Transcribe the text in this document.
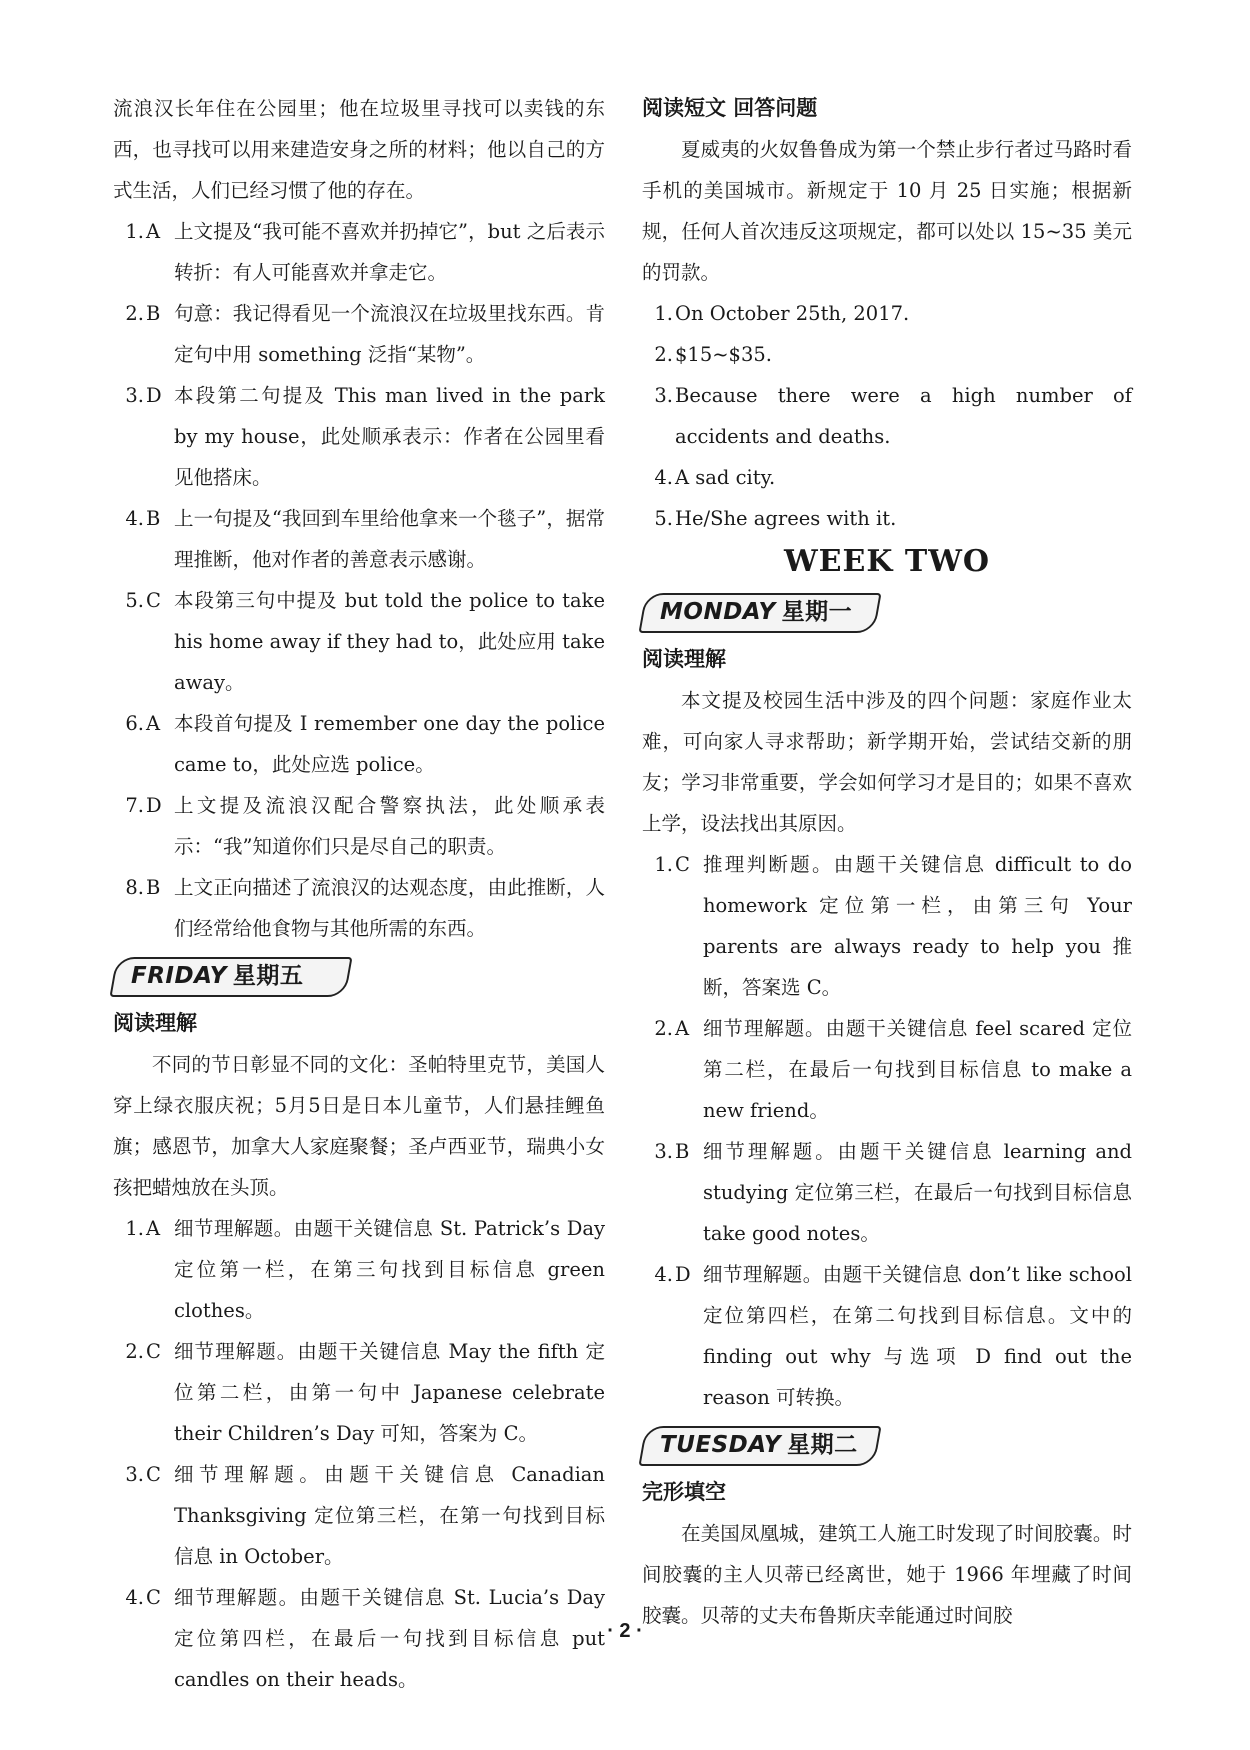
流浪汉长年住在公园里；他在垃圾里寻找可以卖钱的东西，也寻找可以用来建造安身之所的材料；他以自己的方式生活，人们已经习惯了他的存在。

1. A 上文提及“我可能不喜欢并扔掉它”，but 之后表示转折：有人可能喜欢并拿走它。
2. B 句意：我记得看见一个流浪汉在垃圾里找东西。肯定句中用 something 泛指“某物”。
3. D 本段第二句提及 This man lived in the park by my house，此处顺承表示：作者在公园里看见他搭床。
4. B 上一句提及“我回到车里给他拿来一个毯子”，据常理推断，他对作者的善意表示感谢。
5. C 本段第三句中提及 but told the police to take his home away if they had to，此处应用 take away。
6. A 本段首句提及 I remember one day the police came to，此处应选 police。
7. D 上文提及流浪汉配合警察执法，此处顺承表示：“我”知道你们只是尽自己的职责。
8. B 上文正向描述了流浪汉的达观态度，由此推断，人们经常给他食物与其他所需的东西。
FRIDAY 星期五

阅读理解

不同的节日彰显不同的文化：圣帕特里克节，美国人穿上绿衣服庆祝；5月5日是日本儿童节，人们悬挂鲤鱼旗；感恩节，加拿大人家庭聚餐；圣卢西亚节，瑞典小女孩把蜡烛放在头顶。

1. A 细节理解题。由题干关键信息 St. Patrick’s Day 定位第一栏，在第三句找到目标信息 green clothes。
2. C 细节理解题。由题干关键信息 May the fifth 定位第二栏，由第一句中 Japanese celebrate their Children’s Day 可知，答案为 C。
3. C 细节理解题。由题干关键信息 Canadian Thanksgiving 定位第三栏，在第一句找到目标信息 in October。
4. C 细节理解题。由题干关键信息 St. Lucia’s Day 定位第四栏，在最后一句找到目标信息 put candles on their heads。

阅读短文 回答问题

夏威夷的火奴鲁鲁成为第一个禁止步行者过马路时看手机的美国城市。新规定于 10 月 25 日实施；根据新规，任何人首次违反这项规定，都可以处以 15~35 美元的罚款。

1. On October 25th, 2017.
2. $15~$35.
3. Because there were a high number of accidents and deaths.
4. A sad city.
5. He/She agrees with it.

WEEK TWO

MONDAY 星期一

阅读理解

本文提及校园生活中涉及的四个问题：家庭作业太难，可向家人寻求帮助；新学期开始，尝试结交新的朋友；学习非常重要，学会如何学习才是目的；如果不喜欢上学，设法找出其原因。

1. C 推理判断题。由题干关键信息 difficult to do homework 定位第一栏，由第三句 Your parents are always ready to help you 推断，答案选 C。
2. A 细节理解题。由题干关键信息 feel scared 定位第二栏，在最后一句找到目标信息 to make a new friend。
3. B 细节理解题。由题干关键信息 learning and studying 定位第三栏，在最后一句找到目标信息 take good notes。
4. D 细节理解题。由题干关键信息 don’t like school 定位第四栏，在第二句找到目标信息。文中的 finding out why 与选项 D find out the reason 可转换。
TUESDAY 星期二

完形填空

在美国凤凰城，建筑工人施工时发现了时间胶囊。时间胶囊的主人贝蒂已经离世，她于 1966 年埋藏了时间胶囊。贝蒂的丈夫布鲁斯庆幸能通过时间胶

· 2 ·
